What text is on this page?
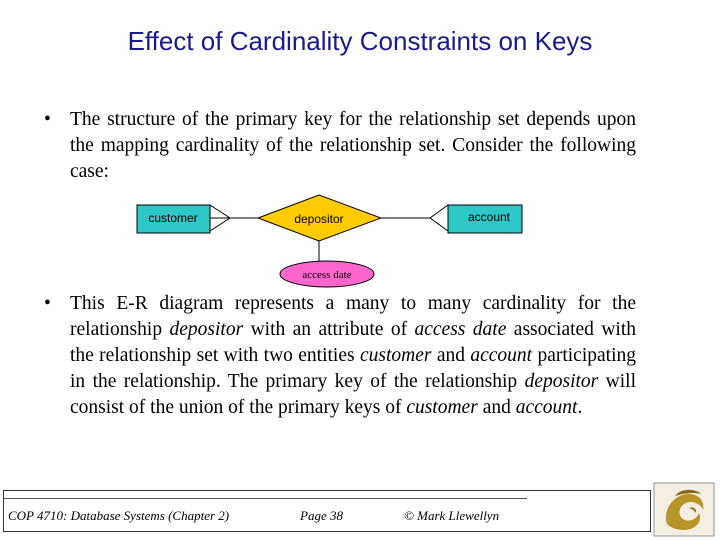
Effect of Cardinality Constraints on Keys
• The structure of the primary key for the relationship set depends upon the mapping cardinality of the relationship set. Consider the following case:
customer	depositor	account
access date
• This E-R diagram represents a many to many cardinality for the relationship depositor with an attribute of access date associated with the relationship set with two entities customer and account participating in the relationship. The primary key of the relationship depositor will consist of the union of the primary keys of customer and account.
COP 4710: Database Systems (Chapter 2)	Page 38	© Mark Llewellyn
